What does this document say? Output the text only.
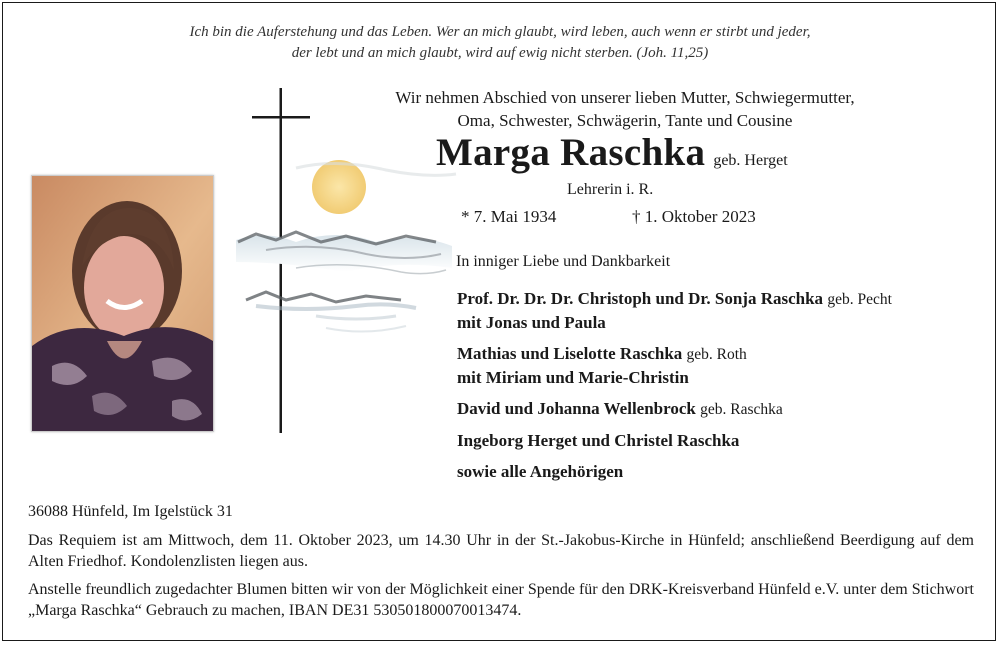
Ich bin die Auferstehung und das Leben. Wer an mich glaubt, wird leben, auch wenn er stirbt und jeder,
der lebt und an mich glaubt, wird auf ewig nicht sterben. (Joh. 11,25)
Wir nehmen Abschied von unserer lieben Mutter, Schwiegermutter,
Oma, Schwester, Schwägerin, Tante und Cousine
Marga Raschka geb. Herget
Lehrerin i. R.
* 7. Mai 1934	† 1. Oktober 2023
In inniger Liebe und Dankbarkeit
Prof. Dr. Dr. Dr. Christoph und Dr. Sonja Raschka geb. Pecht
mit Jonas und Paula
Mathias und Liselotte Raschka geb. Roth
mit Miriam und Marie-Christin
David und Johanna Wellenbrock geb. Raschka
Ingeborg Herget und Christel Raschka
sowie alle Angehörigen
36088 Hünfeld, Im Igelstück 31
Das Requiem ist am Mittwoch, dem 11. Oktober 2023, um 14.30 Uhr in der St.-Jakobus-Kirche in Hünfeld; anschließend Beerdigung auf dem Alten Friedhof. Kondolenzlisten liegen aus.
Anstelle freundlich zugedachter Blumen bitten wir von der Möglichkeit einer Spende für den DRK-Kreisverband Hünfeld e.V. unter dem Stichwort „Marga Raschka“ Gebrauch zu machen, IBAN DE31 530501800070013474.
